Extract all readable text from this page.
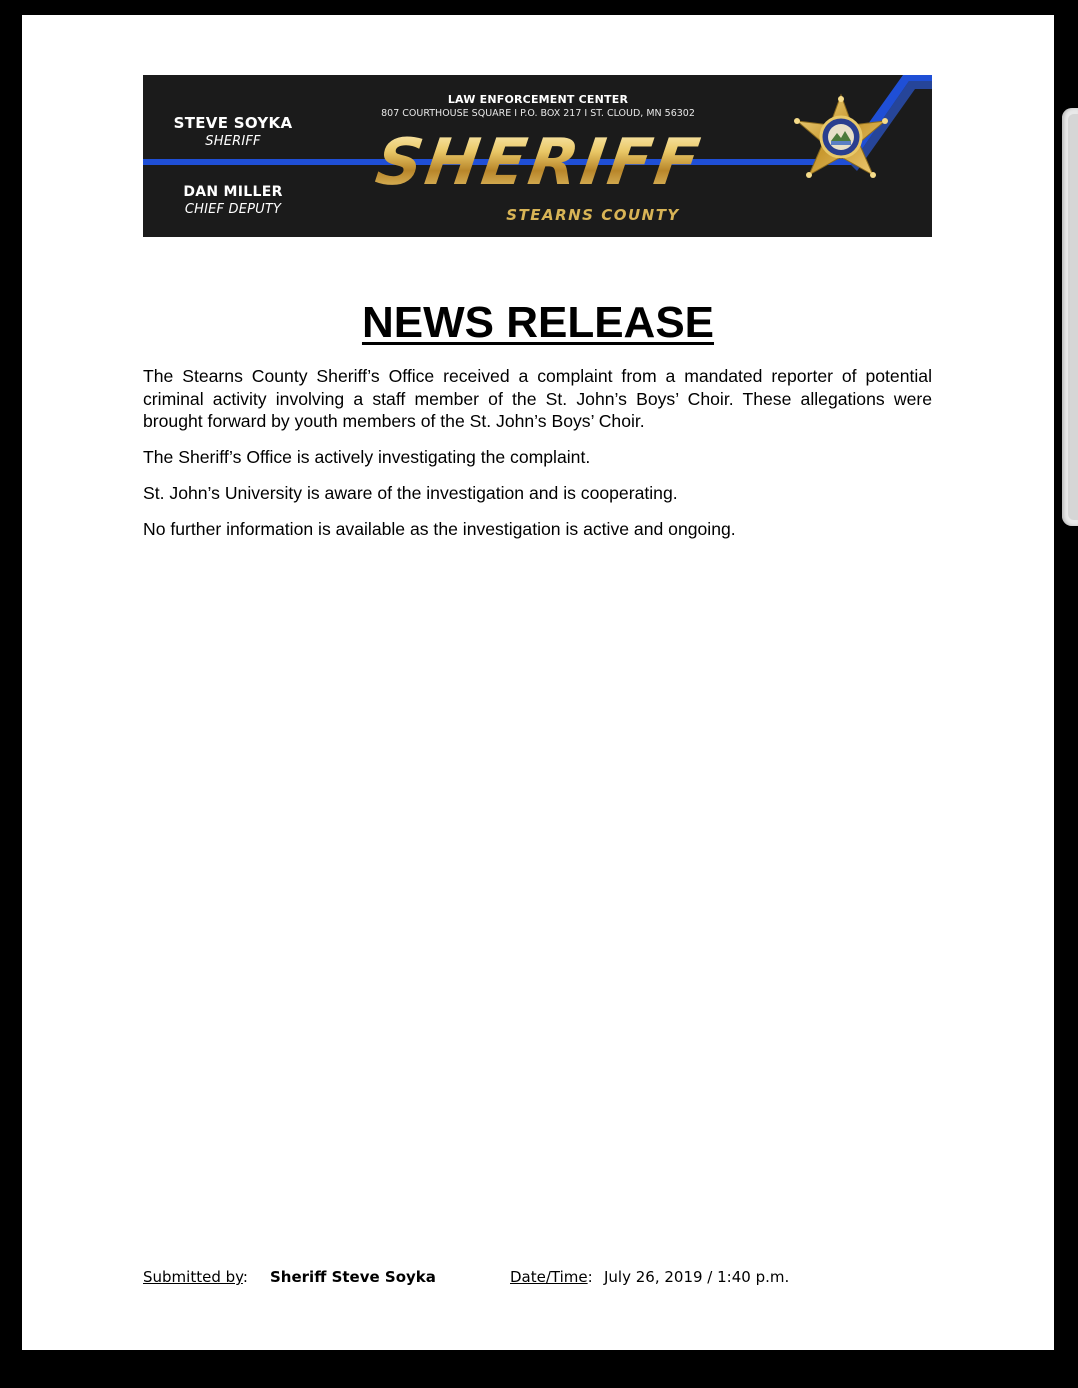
STEVE SOYKA
SHERIFF
DAN MILLER
CHIEF DEPUTY
LAW ENFORCEMENT CENTER
807 COURTHOUSE SQUARE I P.O. BOX 217 I ST. CLOUD, MN 56302
SHERIFF
STEARNS COUNTY
NEWS RELEASE

The Stearns County Sheriff’s Office received a complaint from a mandated reporter of potential criminal activity involving a staff member of the St. John’s Boys’ Choir. These allegations were brought forward by youth members of the St. John’s Boys’ Choir.

The Sheriff’s Office is actively investigating the complaint.

St. John’s University is aware of the investigation and is cooperating.

No further information is available as the investigation is active and ongoing.

Submitted by: Sheriff Steve Soyka	Date/Time: July 26, 2019 / 1:40 p.m.
